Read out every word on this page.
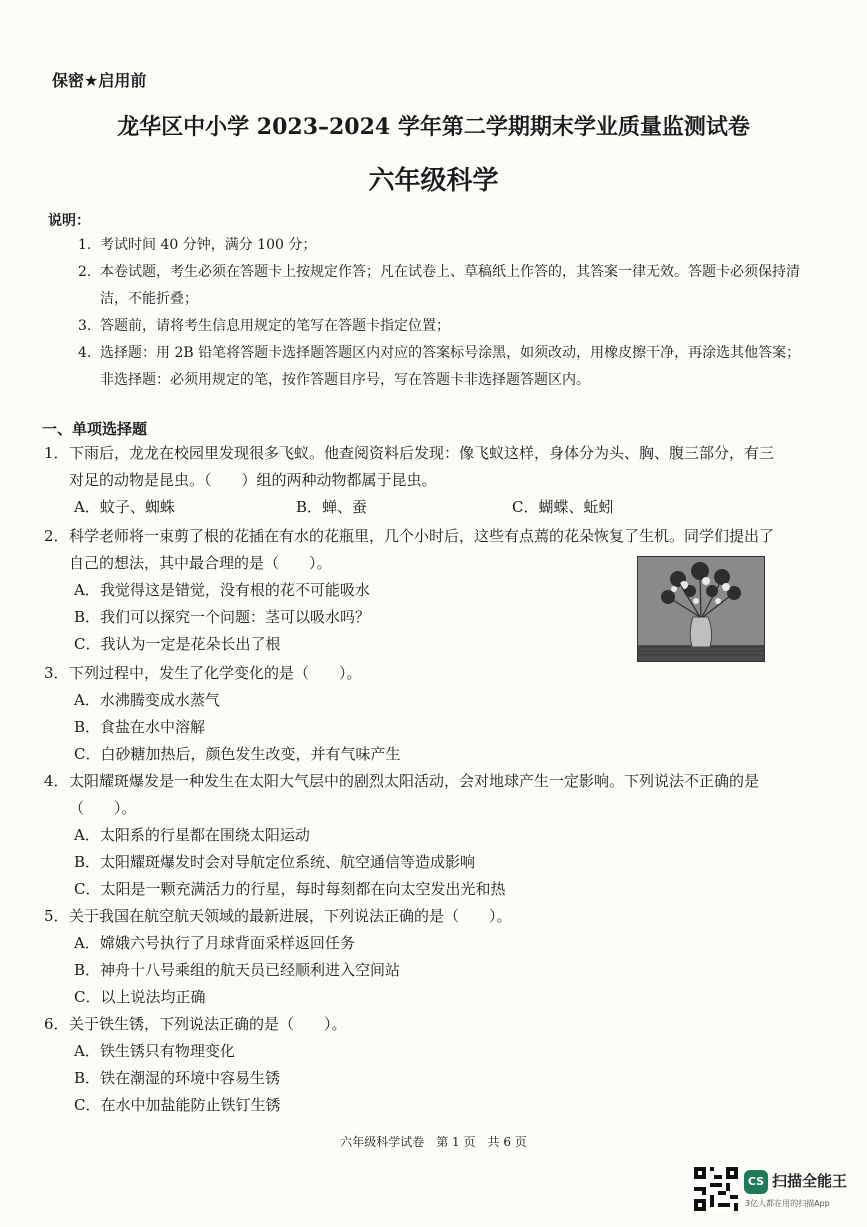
保密★启用前
龙华区中小学 2023–2024 学年第二学期期末学业质量监测试卷
六年级科学
说明：
1. 考试时间 40 分钟，满分 100 分；
2. 本卷试题，考生必须在答题卡上按规定作答；凡在试卷上、草稿纸上作答的，其答案一律无效。答题卡必须保持清洁，不能折叠；
3. 答题前，请将考生信息用规定的笔写在答题卡指定位置；
4. 选择题：用 2B 铅笔将答题卡选择题答题区内对应的答案标号涂黑，如须改动，用橡皮擦干净，再涂选其他答案；非选择题：必须用规定的笔，按作答题目序号，写在答题卡非选择题答题区内。
一、单项选择题
1． 下雨后，龙龙在校园里发现很多飞蚁。他查阅资料后发现：像飞蚁这样，身体分为头、胸、腹三部分，有三对足的动物是昆虫。（　　）组的两种动物都属于昆虫。
A．蚊子、蜘蛛	B．蝉、蚕	C．蝴蝶、蚯蚓
2． 科学老师将一束剪了根的花插在有水的花瓶里，几个小时后，这些有点蔫的花朵恢复了生机。同学们提出了自己的想法，其中最合理的是（　　）。
A．我觉得这是错觉，没有根的花不可能吸水
B．我们可以探究一个问题：茎可以吸水吗？
C．我认为一定是花朵长出了根
3． 下列过程中，发生了化学变化的是（　　）。
A．水沸腾变成水蒸气
B．食盐在水中溶解
C．白砂糖加热后，颜色发生改变，并有气味产生
4． 太阳耀斑爆发是一种发生在太阳大气层中的剧烈太阳活动，会对地球产生一定影响。下列说法不正确的是（　　）。
A．太阳系的行星都在围绕太阳运动
B．太阳耀斑爆发时会对导航定位系统、航空通信等造成影响
C．太阳是一颗充满活力的行星，每时每刻都在向太空发出光和热
5． 关于我国在航空航天领域的最新进展，下列说法正确的是（　　）。
A．嫦娥六号执行了月球背面采样返回任务
B．神舟十八号乘组的航天员已经顺利进入空间站
C．以上说法均正确
6． 关于铁生锈，下列说法正确的是（　　）。
A．铁生锈只有物理变化
B．铁在潮湿的环境中容易生锈
C．在水中加盐能防止铁钉生锈
六年级科学试卷　第 1 页　共 6 页
CS 扫描全能王
3亿人都在用的扫描App
